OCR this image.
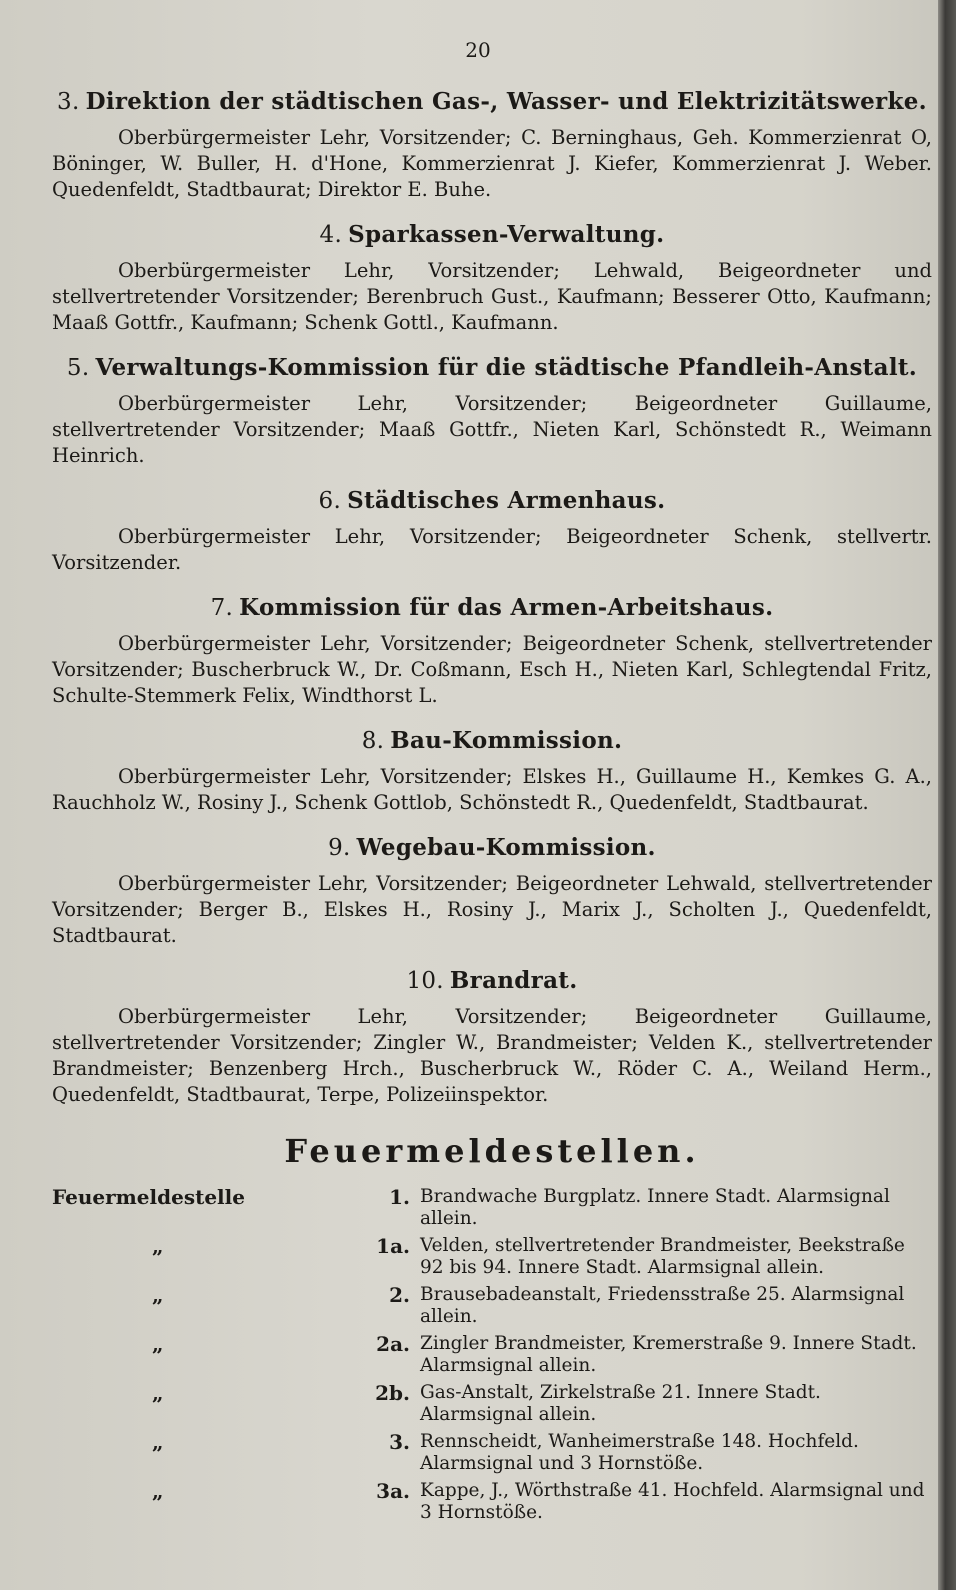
20

3. Direktion der städtischen Gas-, Wasser- und Elektrizitätswerke.

Oberbürgermeister Lehr, Vorsitzender; C. Berninghaus, Geh. Kommerzienrat O, Böninger, W. Buller, H. d'Hone, Kommerzienrat J. Kiefer, Kommerzienrat J. Weber. Quedenfeldt, Stadtbaurat; Direktor E. Buhe.

4. Sparkassen-Verwaltung.

Oberbürgermeister Lehr, Vorsitzender; Lehwald, Beigeordneter und stellvertretender Vorsitzender; Berenbruch Gust., Kaufmann; Besserer Otto, Kaufmann; Maaß Gottfr., Kaufmann; Schenk Gottl., Kaufmann.

5. Verwaltungs-Kommission für die städtische Pfandleih-Anstalt.

Oberbürgermeister Lehr, Vorsitzender; Beigeordneter Guillaume, stellvertretender Vorsitzender; Maaß Gottfr., Nieten Karl, Schönstedt R., Weimann Heinrich.

6. Städtisches Armenhaus.

Oberbürgermeister Lehr, Vorsitzender; Beigeordneter Schenk, stellvertr. Vorsitzender.

7. Kommission für das Armen-Arbeitshaus.

Oberbürgermeister Lehr, Vorsitzender; Beigeordneter Schenk, stellvertretender Vorsitzender; Buscherbruck W., Dr. Coßmann, Esch H., Nieten Karl, Schlegtendal Fritz, Schulte-Stemmerk Felix, Windthorst L.

8. Bau-Kommission.

Oberbürgermeister Lehr, Vorsitzender; Elskes H., Guillaume H., Kemkes G. A., Rauchholz W., Rosiny J., Schenk Gottlob, Schönstedt R., Quedenfeldt, Stadtbaurat.

9. Wegebau-Kommission.

Oberbürgermeister Lehr, Vorsitzender; Beigeordneter Lehwald, stellvertretender Vorsitzender; Berger B., Elskes H., Rosiny J., Marix J., Scholten J., Quedenfeldt, Stadtbaurat.

10. Brandrat.

Oberbürgermeister Lehr, Vorsitzender; Beigeordneter Guillaume, stellvertretender Vorsitzender; Zingler W., Brandmeister; Velden K., stellvertretender Brandmeister; Benzenberg Hrch., Buscherbruck W., Röder C. A., Weiland Herm., Quedenfeldt, Stadtbaurat, Terpe, Polizeiinspektor.

Feuermeldestellen.

Feuermeldestelle	1.	Brandwache Burgplatz. Innere Stadt. Alarmsignal allein.
„	1a.	Velden, stellvertretender Brandmeister, Beekstraße 92 bis 94. Innere Stadt. Alarmsignal allein.
„	2.	Brausebadeanstalt, Friedensstraße 25. Alarmsignal allein.
„	2a.	Zingler Brandmeister, Kremerstraße 9. Innere Stadt. Alarmsignal allein.
„	2b.	Gas-Anstalt, Zirkelstraße 21. Innere Stadt. Alarmsignal allein.
„	3.	Rennscheidt, Wanheimerstraße 148. Hochfeld. Alarmsignal und 3 Hornstöße.
„	3a.	Kappe, J., Wörthstraße 41. Hochfeld. Alarmsignal und 3 Hornstöße.
